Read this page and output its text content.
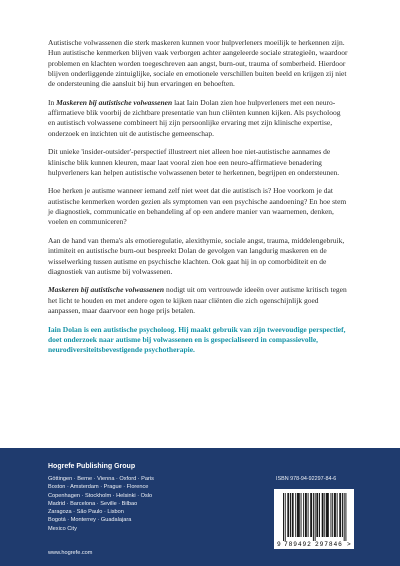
Autistische volwassenen die sterk maskeren kunnen voor hulpverleners moeilijk te herkennen zijn. Hun autistische kenmerken blijven vaak verborgen achter aangeleerde sociale strategieën, waardoor problemen en klachten worden toegeschreven aan angst, burn-out, trauma of somberheid. Hierdoor blijven onderliggende zintuiglijke, sociale en emotionele verschillen buiten beeld en krijgen zij niet de ondersteuning die aansluit bij hun ervaringen en behoeften.

In Maskeren bij autistische volwassenen laat Iain Dolan zien hoe hulpverleners met een neuro-affirmatieve blik voorbij de zichtbare presentatie van hun cliënten kunnen kijken. Als psycholoog en autistisch volwassene combineert hij zijn persoonlijke ervaring met zijn klinische expertise, onderzoek en inzichten uit de autistische gemeenschap.

Dit unieke 'insider-outsider'-perspectief illustreert niet alleen hoe niet-autistische aannames de klinische blik kunnen kleuren, maar laat vooral zien hoe een neuro-affirmatieve benadering hulpverleners kan helpen autistische volwassenen beter te herkennen, begrijpen en ondersteunen.

Hoe herken je autisme wanneer iemand zelf niet weet dat die autistisch is? Hoe voorkom je dat autistische kenmerken worden gezien als symptomen van een psychische aandoening? En hoe stem je diagnostiek, communicatie en behandeling af op een andere manier van waarnemen, denken, voelen en communiceren?

Aan de hand van thema's als emotieregulatie, alexithymie, sociale angst, trauma, middelengebruik, intimiteit en autistische burn-out bespreekt Dolan de gevolgen van langdurig maskeren en de wisselwerking tussen autisme en psychische klachten. Ook gaat hij in op comorbiditeit en de diagnostiek van autisme bij volwassenen.

Maskeren bij autistische volwassenen nodigt uit om vertrouwde ideeën over autisme kritisch tegen het licht te houden en met andere ogen te kijken naar cliënten die zich ogenschijnlijk goed aanpassen, maar daarvoor een hoge prijs betalen.

Iain Dolan is een autistische psycholoog. Hij maakt gebruik van zijn tweevoudige perspectief, doet onderzoek naar autisme bij volwassenen en is gespecialiseerd in compassievolle, neurodiversiteitsbevestigende psychotherapie.

Hogrefe Publishing Group
Göttingen · Berne · Vienna · Oxford · Paris
Boston · Amsterdam · Prague · Florence
Copenhagen · Stockholm · Helsinki · Oslo
Madrid · Barcelona · Seville · Bilbao
Zaragoza · São Paulo · Lisbon
Bogotá · Monterrey · Guadalajara
Mexico City
www.hogrefe.com
ISBN 978-94-92297-84-6
9 789492 297846 >
